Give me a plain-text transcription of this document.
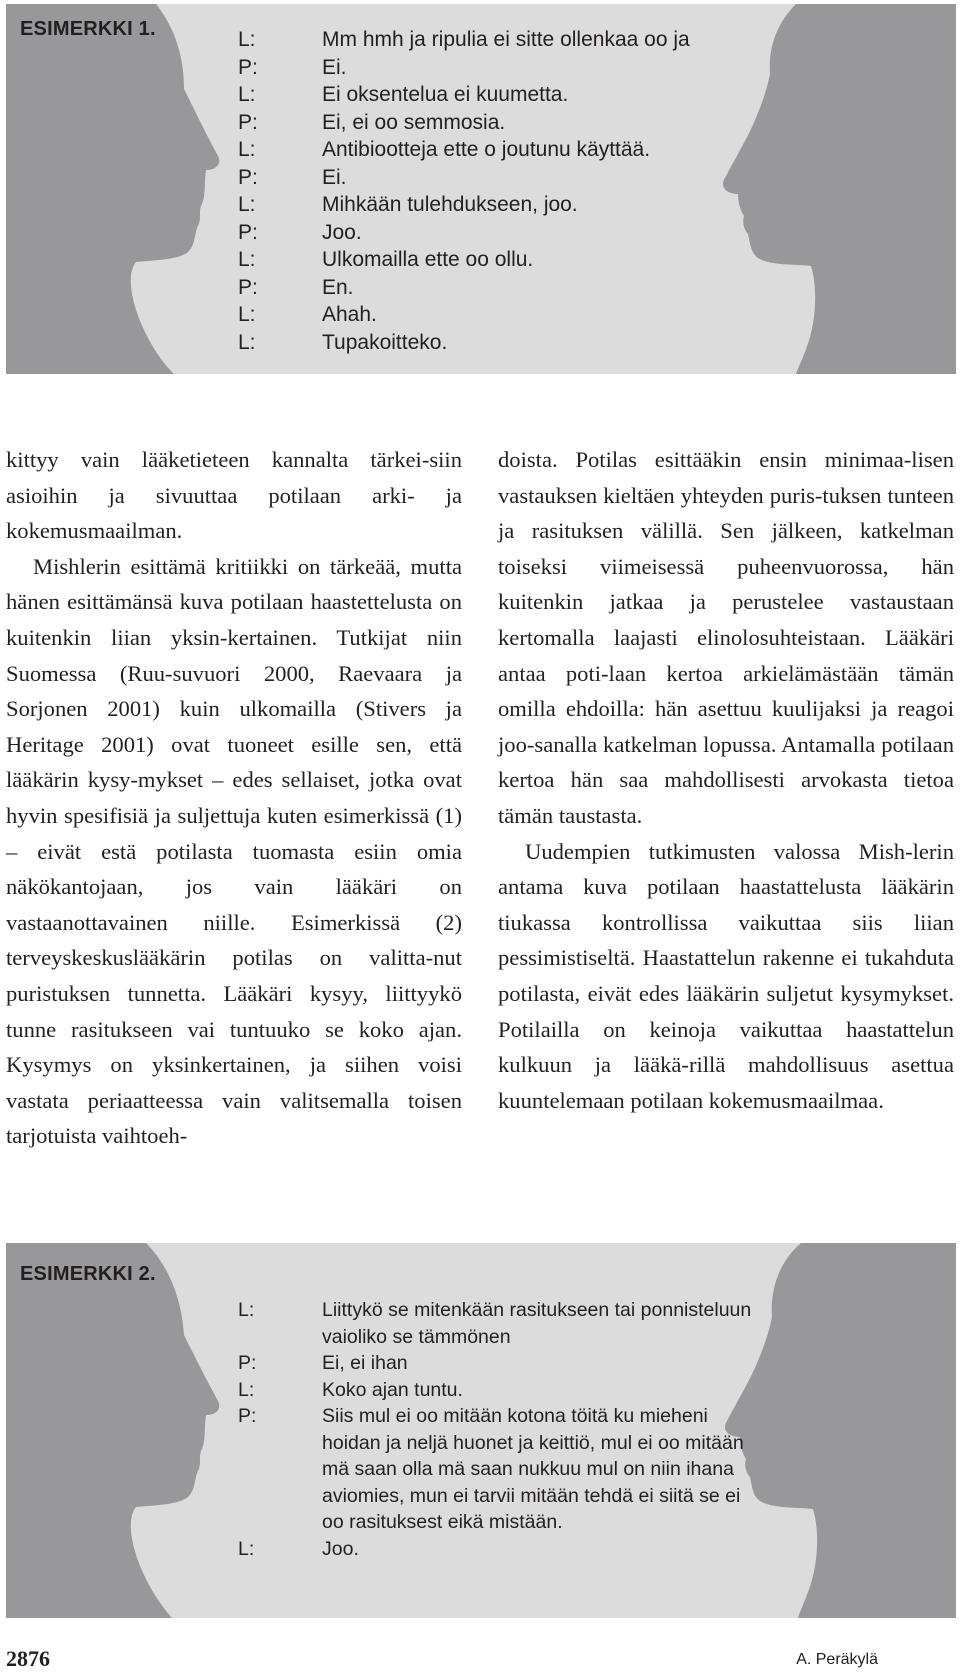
ESIMERKKI 1.	L:	Mm hmh ja ripulia ei sitte ollenkaa oo ja
P:	Ei.
L:	Ei oksentelua ei kuumetta.
P:	Ei, ei oo semmosia.
L:	Antibiootteja ette o joutunu käyttää.
P:	Ei.
L:	Mihkään tulehdukseen, joo.
P:	Joo.
L:	Ulkomailla ette oo ollu.
P:	En.
L:	Ahah.
L:	Tupakoitteko.

kittyy vain lääketieteen kannalta tärkei-siin asioihin ja sivuuttaa potilaan arki- ja kokemusmaailman.

Mishlerin esittämä kritiikki on tärkeää, mutta hänen esittämänsä kuva potilaan haastettelusta on kuitenkin liian yksin-kertainen. Tutkijat niin Suomessa (Ruu-suvuori 2000, Raevaara ja Sorjonen 2001) kuin ulkomailla (Stivers ja Heritage 2001) ovat tuoneet esille sen, että lääkärin kysy-mykset – edes sellaiset, jotka ovat hyvin spesifisiä ja suljettuja kuten esimerkissä (1) – eivät estä potilasta tuomasta esiin omia näkökantojaan, jos vain lääkäri on vastaanottavainen niille. Esimerkissä (2) terveyskeskuslääkärin potilas on valitta-nut puristuksen tunnetta. Lääkäri kysyy, liittyykö tunne rasitukseen vai tuntuuko se koko ajan. Kysymys on yksinkertainen, ja siihen voisi vastata periaatteessa vain valitsemalla toisen tarjotuista vaihtoeh-

doista. Potilas esittääkin ensin minimaa-lisen vastauksen kieltäen yhteyden puris-tuksen tunteen ja rasituksen välillä. Sen jälkeen, katkelman toiseksi viimeisessä puheenvuorossa, hän kuitenkin jatkaa ja perustelee vastaustaan kertomalla laajasti elinolosuhteistaan. Lääkäri antaa poti-laan kertoa arkielämästään tämän omilla ehdoilla: hän asettuu kuulijaksi ja reagoi joo-sanalla katkelman lopussa. Antamalla potilaan kertoa hän saa mahdollisesti arvokasta tietoa tämän taustasta.

Uudempien tutkimusten valossa Mish-lerin antama kuva potilaan haastattelusta lääkärin tiukassa kontrollissa vaikuttaa siis liian pessimistiseltä. Haastattelun rakenne ei tukahduta potilasta, eivät edes lääkärin suljetut kysymykset. Potilailla on keinoja vaikuttaa haastattelun kulkuun ja lääkä-rillä mahdollisuus asettua kuuntelemaan potilaan kokemusmaailmaa.

ESIMERKKI 2.
L:	Liittykö se mitenkään rasitukseen tai ponnisteluun vaioliko se tämmönen
P:	Ei, ei ihan
L:	Koko ajan tuntu.
P:	Siis mul ei oo mitään kotona töitä ku mieheni hoidan ja neljä huonet ja keittiö, mul ei oo mitään mä saan olla mä saan nukkuu mul on niin ihana aviomies, mun ei tarvii mitään tehdä ei siitä se ei oo rasituksest eikä mistään.
L:	Joo.
2876	A. Peräkylä
